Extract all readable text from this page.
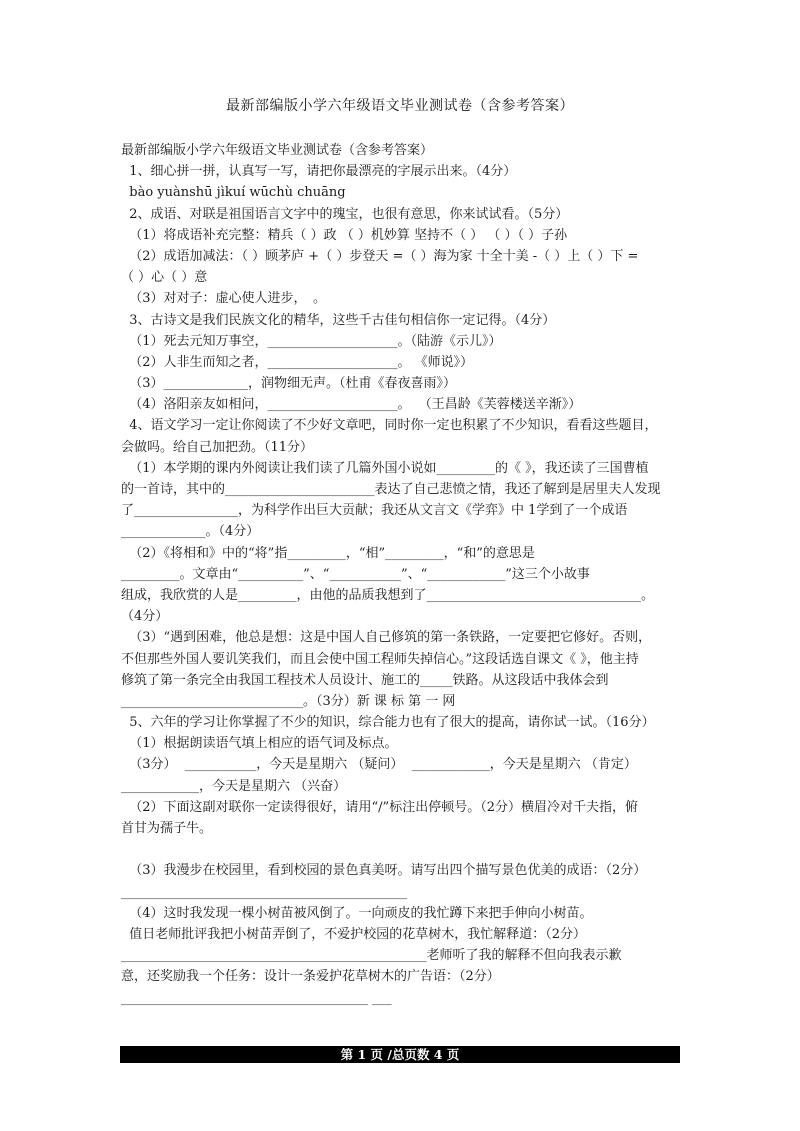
最新部编版小学六年级语文毕业测试卷（含参考答案）
最新部编版小学六年级语文毕业测试卷（含参考答案）
1、细心拼一拼，认真写一写，请把你最漂亮的字展示出来。（4分）
bào yuànshū jìkuí wūchù chuāng
2、成语、对联是祖国语言文字中的瑰宝，也很有意思，你来试试看。（5分）
（1）将成语补充完整：精兵（ ）政 （ ）机妙算 坚持不（ ） （ ）（ ）子孙
（2）成语加减法：（ ）顾茅庐 +（ ）步登天 =（ ）海为家 十全十美 -（ ）上（ ）下 =
（ ）心（ ）意
（3）对对子：虚心使人进步，　。
3、古诗文是我们民族文化的精华，这些千古佳句相信你一定记得。（4分）
（1）死去元知万事空，____________________。（陆游《示儿》）
（2）人非生而知之者，____________________。 《师说》）
（3）_____________，润物细无声。（杜甫《春夜喜雨》）
（4）洛阳亲友如相问，____________________。  （王昌龄《芙蓉楼送辛渐》）
4、语文学习一定让你阅读了不少好文章吧，同时你一定也积累了不少知识，看看这些题目，
会做吗。给自己加把劲。（11分）
（1）本学期的课内外阅读让我们读了几篇外国小说如_________的《 》，我还读了三国曹植
的一首诗，其中的_______________________表达了自己悲愤之情，我还了解到是居里夫人发现
了________________，为科学作出巨大贡献；我还从文言文《学弈》中 1学到了一个成语
_____________。（4分）
（2）《将相和》中的“将”指_________，“相”_________，“和”的意思是
_________。文章由“__________”、“___________”、“____________”这三个小故事
组成，我欣赏的人是_________，由他的品质我想到了_________________________________。
（4分）
（3）“遇到困难，他总是想：这是中国人自己修筑的第一条铁路，一定要把它修好。否则，
不但那些外国人要讥笑我们，而且会使中国工程师失掉信心。”这段话选自课文《 》，他主持
修筑了第一条完全由我国工程技术人员设计、施工的_____铁路。从这段话中我体会到
____________________________。（3分）新 课 标 第 一 网
5、六年的学习让你掌握了不少的知识，综合能力也有了很大的提高，请你试一试。（16分）
（1）根据朗读语气填上相应的语气词及标点。
（3分）  ___________，今天是星期六 （疑问）  ____________，今天是星期六 （肯定）
____________，今天是星期六 （兴奋）
（2）下面这副对联你一定读得很好，请用“/”标注出停顿号。（2分）横眉冷对千夫指，俯
首甘为孺子牛。
（3）我漫步在校园里，看到校园的景色真美呀。请写出四个描写景色优美的成语：（2分）
____________________________________________
（4）这时我发现一棵小树苗被风倒了。一向顽皮的我忙蹲下来把手伸向小树苗。
值日老师批评我把小树苗弄倒了，不爱护校园的花草树木，我忙解释道：（2分）
_______________________________________________老师听了我的解释不但向我表示歉
意，还奖励我一个任务：设计一条爱护花草树木的广告语：（2分）
______________________________________ ___
第 1 页 /总页数 4 页
